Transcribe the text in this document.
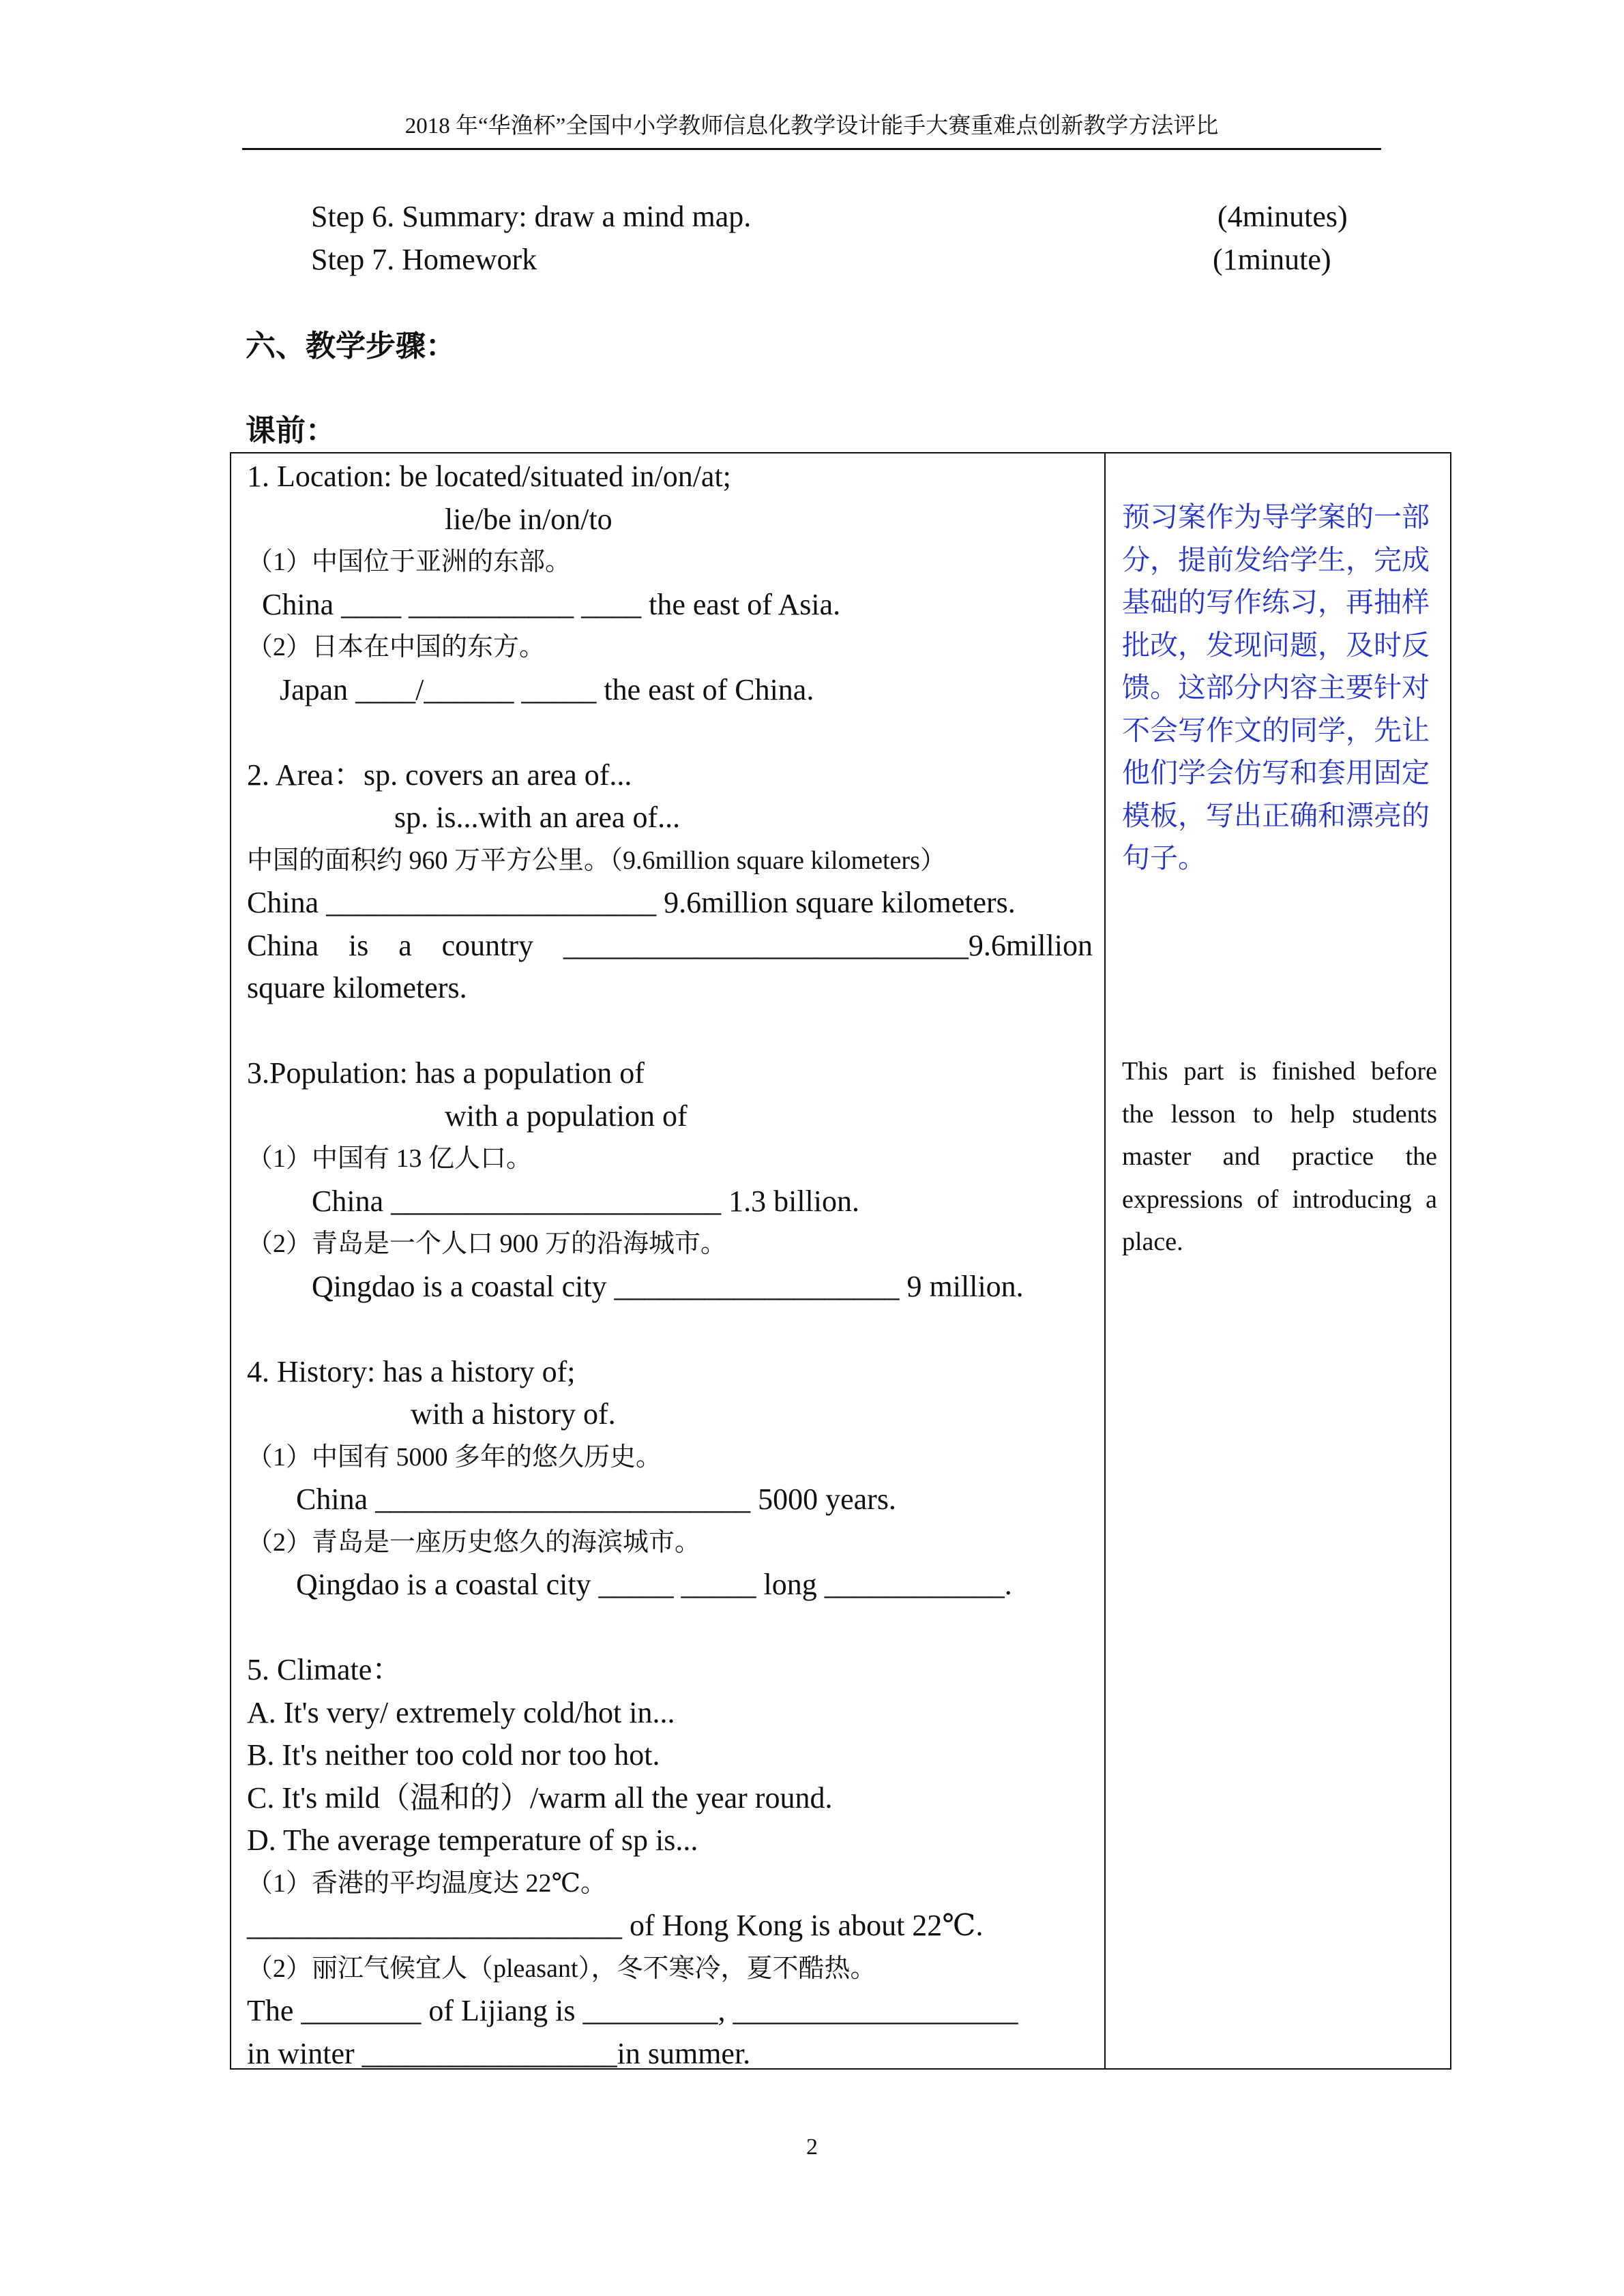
2018 年“华渔杯”全国中小学教师信息化教学设计能手大赛重难点创新教学方法评比
Step 6. Summary: draw a mind map.	(4minutes)
Step 7. Homework	(1minute)
六、教学步骤：
课前：
1. Location: be located/situated in/on/at;
lie/be in/on/to
（1）中国位于亚洲的东部。
China ____ ___________ ____ the east of Asia.
（2）日本在中国的东方。
Japan ____/______ _____ the east of China.
2. Area：sp. covers an area of...
sp. is...with an area of...
中国的面积约 960 万平方公里。（9.6million square kilometers）
China ______________________ 9.6million square kilometers.
China is a country ___________________________9.6million
square kilometers.
3.Population: has a population of
with a population of
（1）中国有 13 亿人口。
China ______________________ 1.3 billion.
（2）青岛是一个人口 900 万的沿海城市。
Qingdao is a coastal city ___________________ 9 million.
4. History: has a history of;
with a history of.
（1）中国有 5000 多年的悠久历史。
China _________________________ 5000 years.
（2）青岛是一座历史悠久的海滨城市。
Qingdao is a coastal city _____ _____ long ____________.
5. Climate：
A. It's very/ extremely cold/hot in...
B. It's neither too cold nor too hot.
C. It's mild（温和的）/warm all the year round.
D. The average temperature of sp is...
（1）香港的平均温度达 22℃。
_________________________ of Hong Kong is about 22℃.
（2）丽江气候宜人（pleasant），冬不寒冷，夏不酷热。
The ________ of Lijiang is _________, ___________________
in winter _________________in summer.
预习案作为导学案的一部分，提前发给学生，完成基础的写作练习，再抽样批改，发现问题，及时反馈。这部分内容主要针对不会写作文的同学，先让他们学会仿写和套用固定模板，写出正确和漂亮的句子。
This part is finished before the lesson to help students master and practice the expressions of introducing a place.
2
